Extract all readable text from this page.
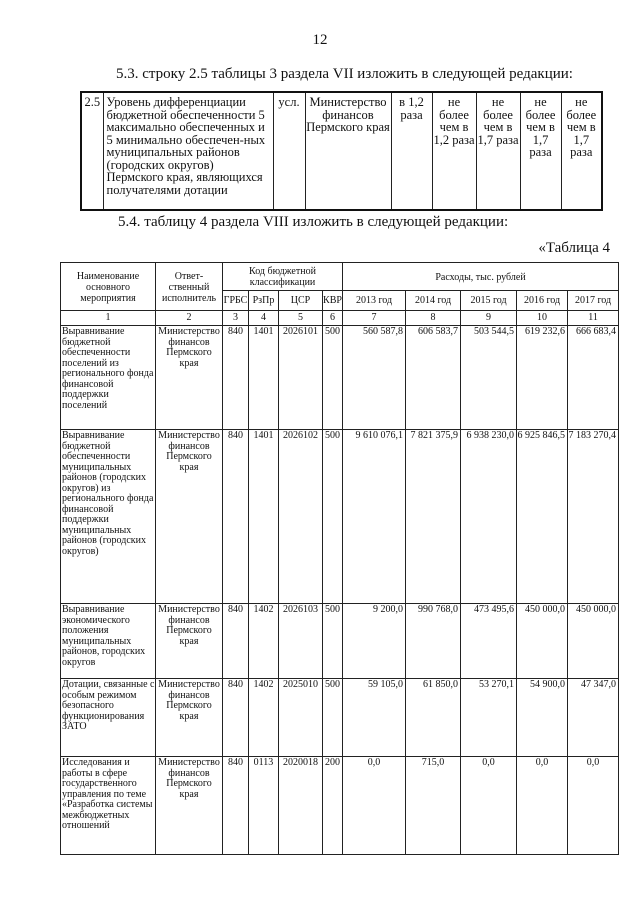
12
5.3. строку 2.5 таблицы 3 раздела VII изложить в следующей редакции:
2.5	Уровень дифференциации бюджетной обеспеченности 5 максимально обеспеченных и 5 минимально обеспечен-ных муниципальных районов (городских округов) Пермского края, являющихся получателями дотации	усл.	Министерство финансов Пермского края	в 1,2 раза	не более чем в 1,2 раза	не более чем в 1,7 раза	не более чем в 1,7 раза	не более чем в 1,7 раза
5.4. таблицу 4 раздела VIII изложить в следующей редакции:
«Таблица 4
Наименование основного мероприятия	Ответ-ственный исполнитель	Код бюджетной классификации				Расходы, тыс. рублей				
		ГРБС	РзПр	ЦСР	КВР	2013 год	2014 год	2015 год	2016 год	2017 год
1	2	3	4	5	6	7	8	9	10	11
Выравнивание бюджетной обеспеченности поселений из регионального фонда финансовой поддержки поселений	Министерство финансов Пермского края	840	1401	2026101	500	560 587,8	606 583,7	503 544,5	619 232,6	666 683,4
Выравнивание бюджетной обеспеченности муниципальных районов (городских округов) из регионального фонда финансовой поддержки муниципальных районов (городских округов)	Министерство финансов Пермского края	840	1401	2026102	500	9 610 076,1	7 821 375,9	6 938 230,0	6 925 846,5	7 183 270,4
Выравнивание экономического положения муниципальных районов, городских округов	Министерство финансов Пермского края	840	1402	2026103	500	9 200,0	990 768,0	473 495,6	450 000,0	450 000,0
Дотации, связанные с особым режимом безопасного функционирования ЗАТО	Министерство финансов Пермского края	840	1402	2025010	500	59 105,0	61 850,0	53 270,1	54 900,0	47 347,0
Исследования и работы в сфере государственного управления по теме «Разработка системы межбюджетных отношений	Министерство финансов Пермского края	840	0113	2020018	200	0,0	715,0	0,0	0,0	0,0
